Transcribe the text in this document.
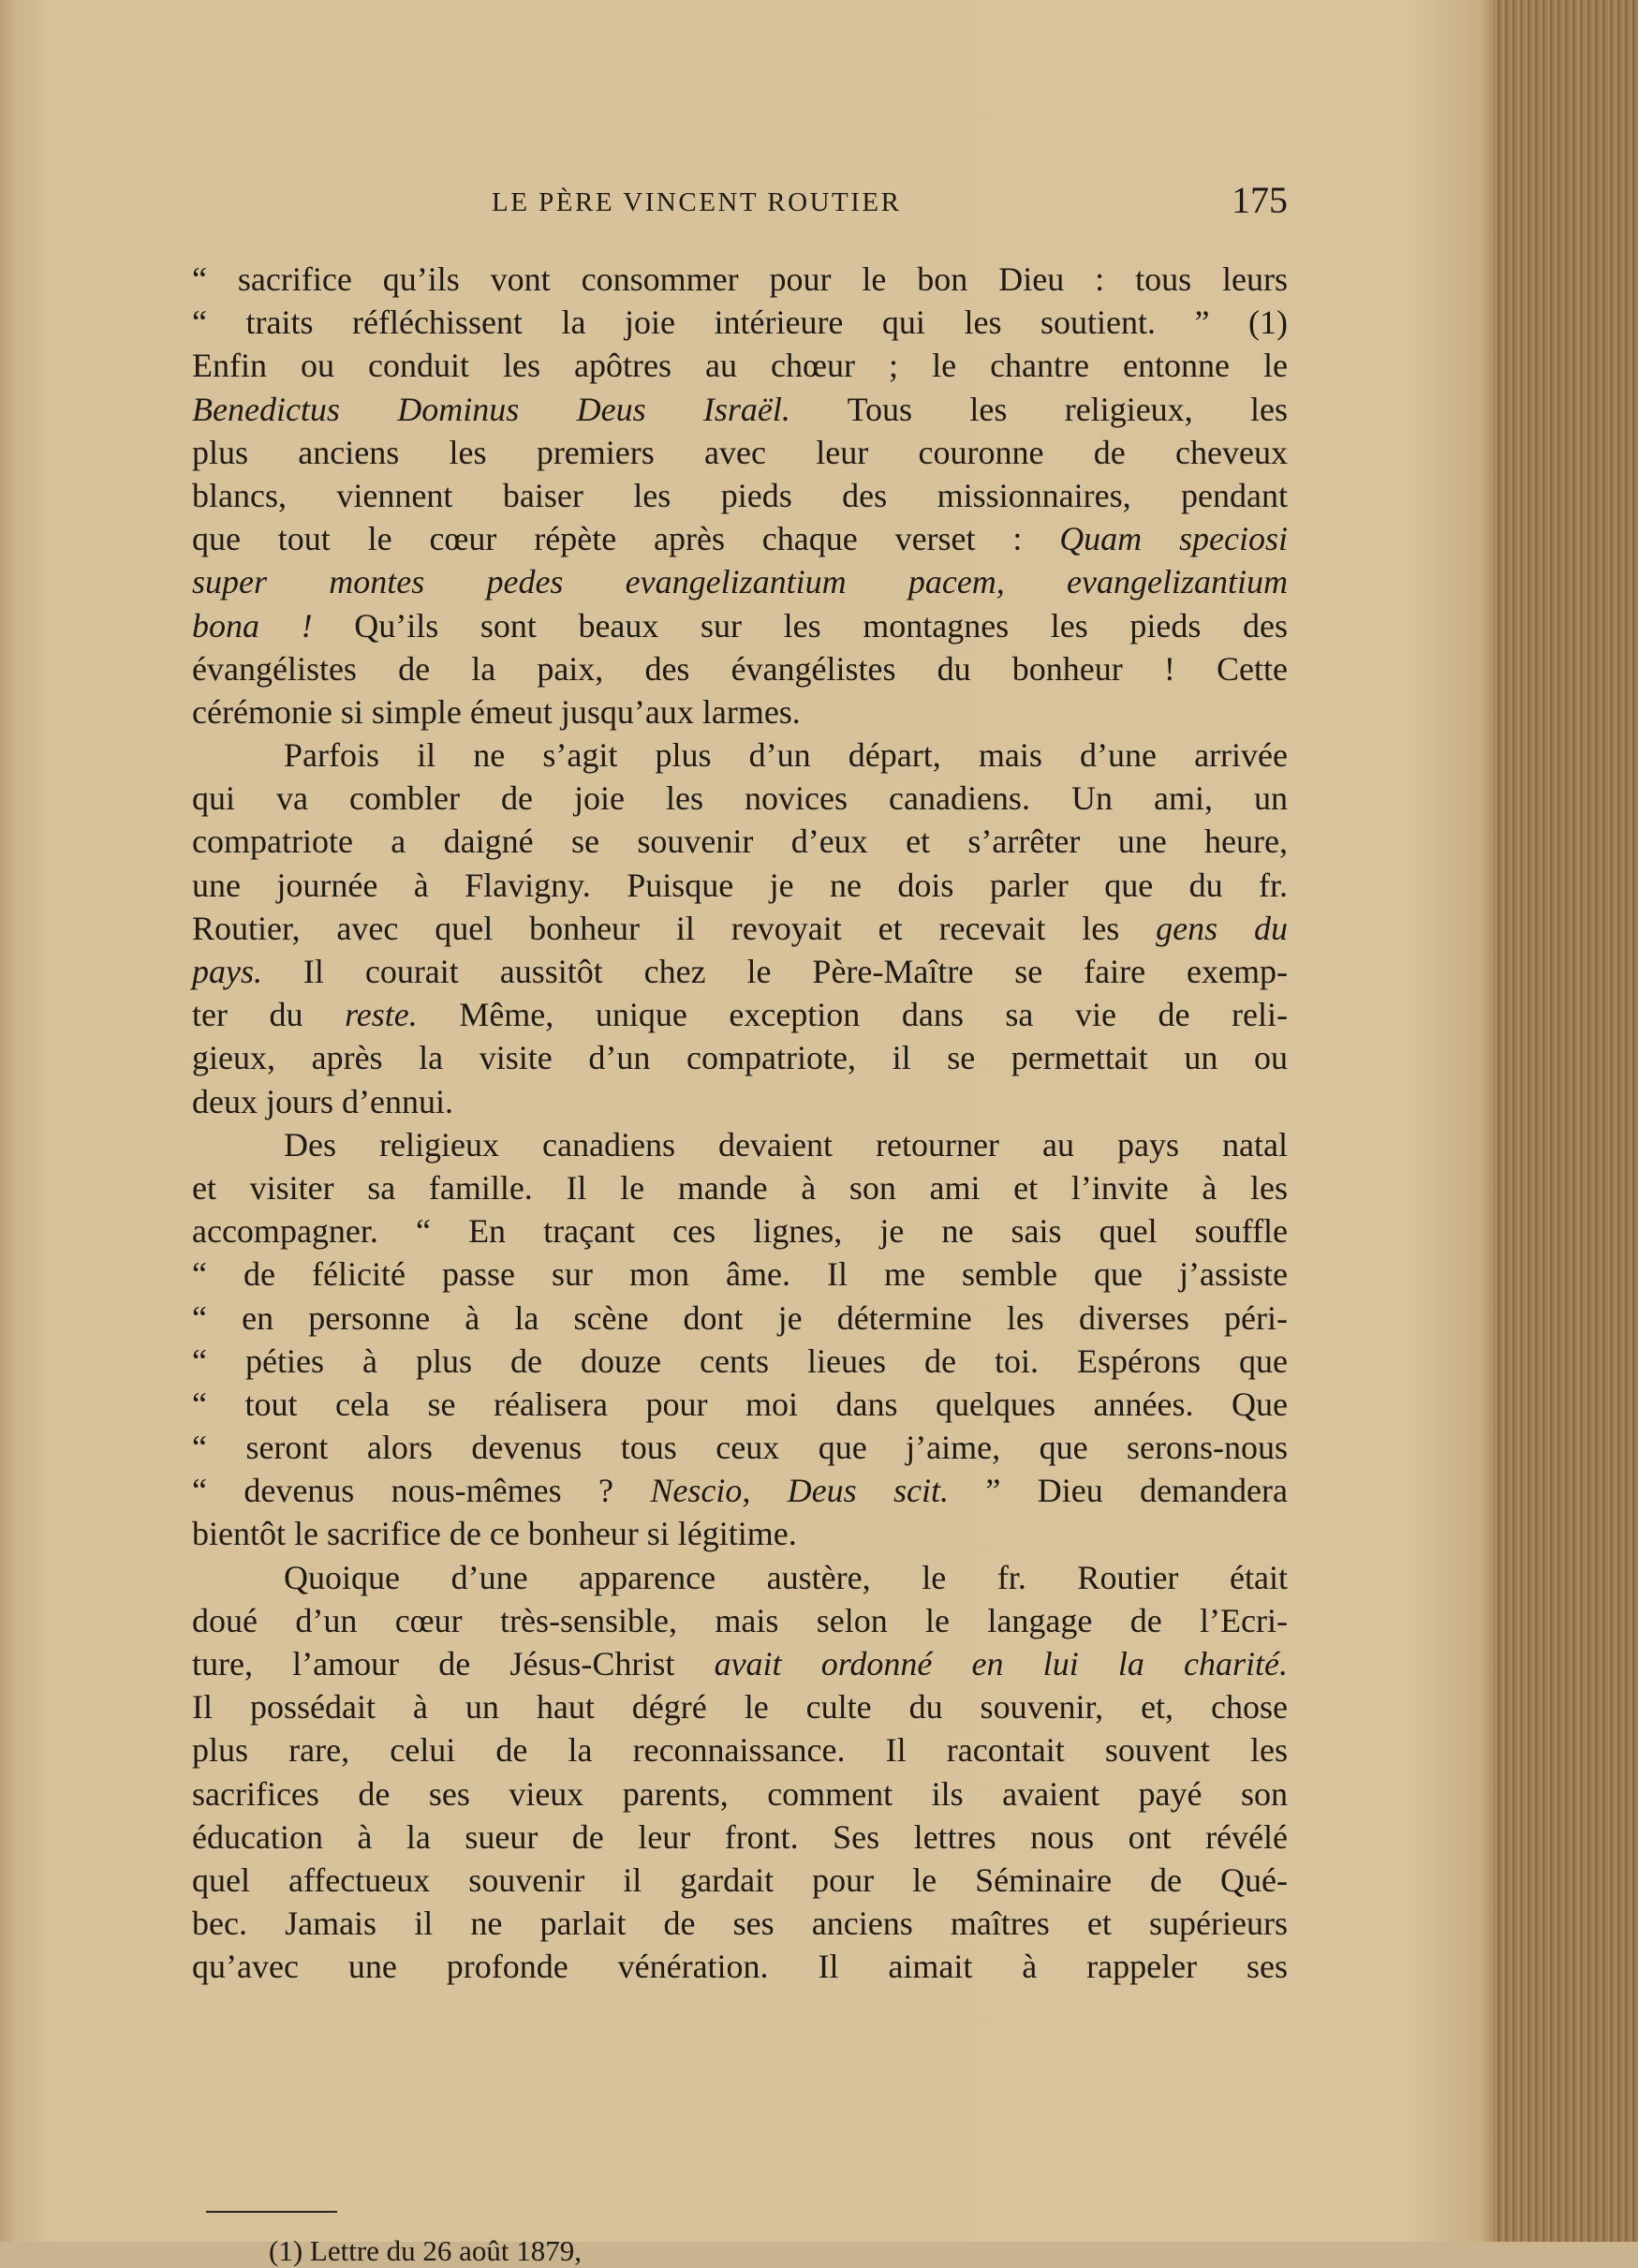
LE PÈRE VINCENT ROUTIER	175
“ sacrifice qu’ils vont consommer pour le bon Dieu : tous leurs
“ traits réfléchissent la joie intérieure qui les soutient. ” (1)
Enfin ou conduit les apôtres au chœur ; le chantre entonne le
Benedictus Dominus Deus Israël. Tous les religieux, les
plus anciens les premiers avec leur couronne de cheveux
blancs, viennent baiser les pieds des missionnaires, pendant
que tout le cœur répète après chaque verset : Quam speciosi
super montes pedes evangelizantium pacem, evangelizantium
bona ! Qu’ils sont beaux sur les montagnes les pieds des
évangélistes de la paix, des évangélistes du bonheur ! Cette
cérémonie si simple émeut jusqu’aux larmes.
Parfois il ne s’agit plus d’un départ, mais d’une arrivée
qui va combler de joie les novices canadiens. Un ami, un
compatriote a daigné se souvenir d’eux et s’arrêter une heure,
une journée à Flavigny. Puisque je ne dois parler que du fr.
Routier, avec quel bonheur il revoyait et recevait les gens du
pays. Il courait aussitôt chez le Père-Maître se faire exemp-
ter du reste. Même, unique exception dans sa vie de reli-
gieux, après la visite d’un compatriote, il se permettait un ou
deux jours d’ennui.
Des religieux canadiens devaient retourner au pays natal
et visiter sa famille. Il le mande à son ami et l’invite à les
accompagner. “ En traçant ces lignes, je ne sais quel souffle
“ de félicité passe sur mon âme. Il me semble que j’assiste
“ en personne à la scène dont je détermine les diverses péri-
“ péties à plus de douze cents lieues de toi. Espérons que
“ tout cela se réalisera pour moi dans quelques années. Que
“ seront alors devenus tous ceux que j’aime, que serons-nous
“ devenus nous-mêmes ? Nescio, Deus scit. ” Dieu demandera
bientôt le sacrifice de ce bonheur si légitime.
Quoique d’une apparence austère, le fr. Routier était
doué d’un cœur très-sensible, mais selon le langage de l’Ecri-
ture, l’amour de Jésus-Christ avait ordonné en lui la charité.
Il possédait à un haut dégré le culte du souvenir, et, chose
plus rare, celui de la reconnaissance. Il racontait souvent les
sacrifices de ses vieux parents, comment ils avaient payé son
éducation à la sueur de leur front. Ses lettres nous ont révélé
quel affectueux souvenir il gardait pour le Séminaire de Qué-
bec. Jamais il ne parlait de ses anciens maîtres et supérieurs
qu’avec une profonde vénération. Il aimait à rappeler ses
(1) Lettre du 26 août 1879,
